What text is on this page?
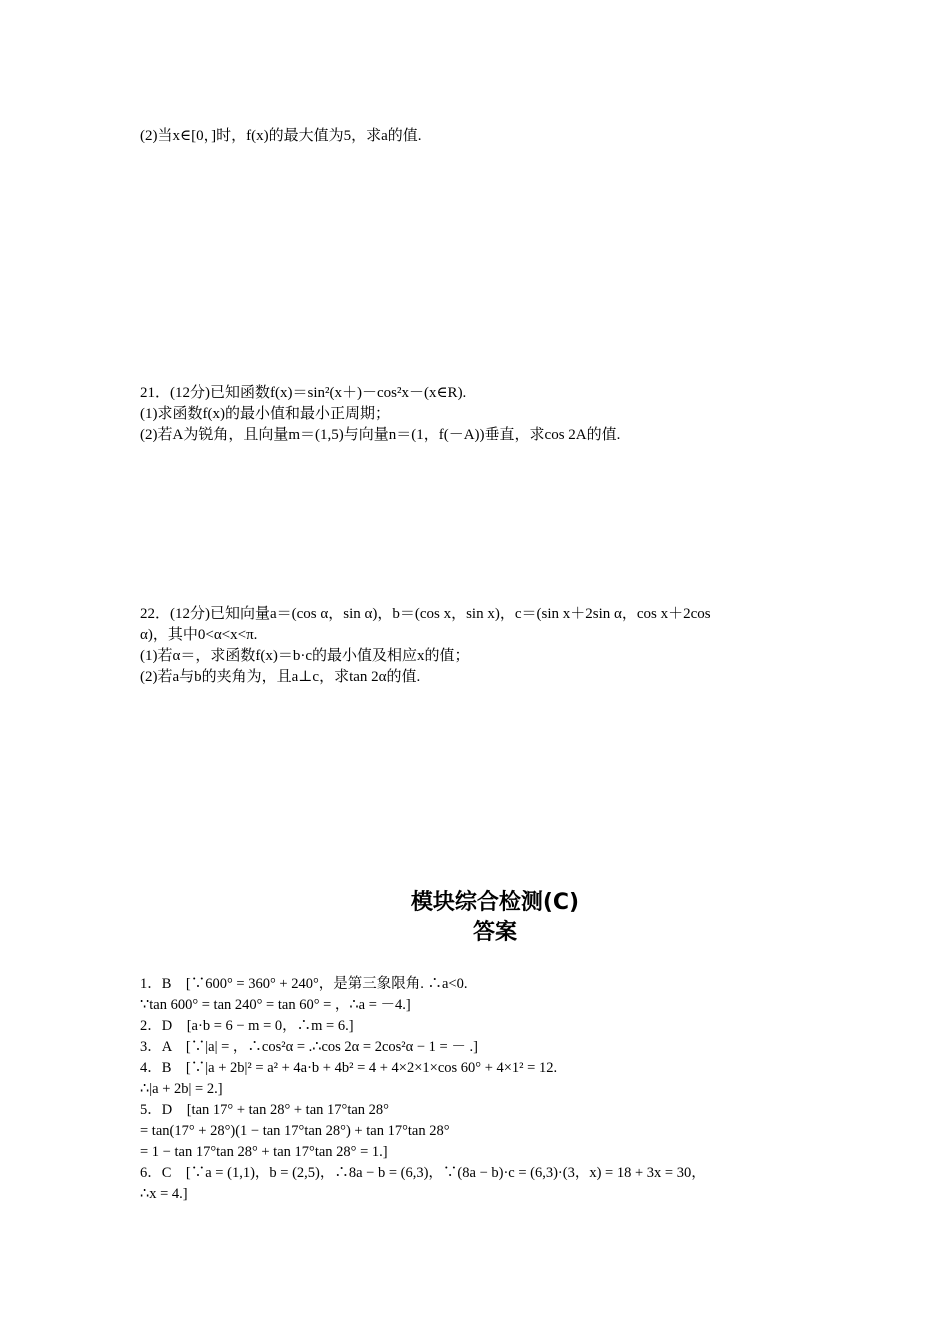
(2)当x∈[0，]时，f(x)的最大值为5，求a的值.
21．(12分)已知函数f(x)＝sin²(x＋)－cos²x－(x∈R).
(1)求函数f(x)的最小值和最小正周期；
(2)若A为锐角，且向量m＝(1,5)与向量n＝(1，f(－A))垂直，求cos 2A的值.
22．(12分)已知向量a＝(cos α，sin α)，b＝(cos x，sin x)，c＝(sin x＋2sin α，cos x＋2cos
α)，其中0<α<x<π.
(1)若α＝，求函数f(x)＝b·c的最小值及相应x的值；
(2)若a与b的夹角为，且a⊥c，求tan 2α的值.
模块综合检测(C)
答案
1．B　[∵600° = 360° + 240°，是第三象限角. ∴a<0.
∵tan 600° = tan 240° = tan 60° = ，∴a = －4.]
2．D　[a·b = 6 − m = 0，∴m = 6.]
3．A　[∵|a| = ，∴cos²α = .∴cos 2α = 2cos²α − 1 = － .]
4．B　[∵|a + 2b|² = a² + 4a·b + 4b² = 4 + 4×2×1×cos 60° + 4×1² = 12.
∴|a + 2b| = 2.]
5．D　[tan 17° + tan 28° + tan 17°tan 28°
= tan(17° + 28°)(1 − tan 17°tan 28°) + tan 17°tan 28°
= 1 − tan 17°tan 28° + tan 17°tan 28° = 1.]
6．C　[∵a = (1,1)，b = (2,5)，∴8a − b = (6,3)，∵(8a − b)·c = (6,3)·(3，x) = 18 + 3x = 30，
∴x = 4.]
